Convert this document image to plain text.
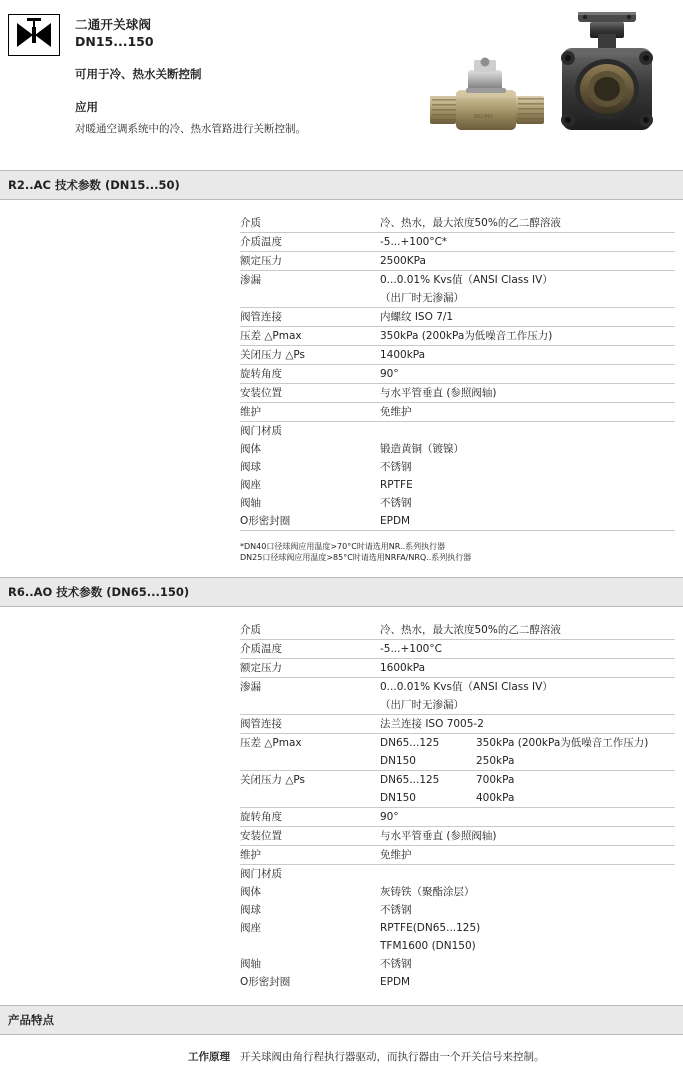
二通开关球阀
DN15...150
可用于冷、热水关断控制
应用
对暖通空调系统中的冷、热水管路进行关断控制。
BELIMO
R2..AC 技术参数 (DN15...50)
介质	冷、热水，最大浓度50%的乙二醇溶液
介质温度	-5...+100°C*
额定压力	2500KPa
渗漏	0...0.01% Kvs值（ANSI Class IV）
	（出厂时无渗漏）
阀管连接	内螺纹 ISO 7/1
压差 △Pmax	350kPa (200kPa为低噪音工作压力)
关闭压力 △Ps	1400kPa
旋转角度	90°
安装位置	与水平管垂直 (参照阀轴)
维护	免维护
阀门材质	
阀体	锻造黄铜（镀镍）
阀球	不锈钢
阀座	RPTFE
阀轴	不锈钢
O形密封圈	EPDM
*DN40口径球阀应用温度>70°C时请选用NR..系列执行器
DN25口径球阀应用温度>85°C时请选用NRFA/NRQ..系列执行器
R6..AO 技术参数 (DN65...150)
介质	冷、热水，最大浓度50%的乙二醇溶液
介质温度	-5...+100°C
额定压力	1600kPa
渗漏	0...0.01% Kvs值（ANSI Class IV）
	（出厂时无渗漏）
阀管连接	法兰连接 ISO 7005-2
压差 △Pmax	DN65...125 350kPa (200kPa为低噪音工作压力)
	DN150 250kPa
关闭压力 △Ps	DN65...125 700kPa
	DN150 400kPa
旋转角度	90°
安装位置	与水平管垂直 (参照阀轴)
维护	免维护
阀门材质	
阀体	灰铸铁（聚酯涂层）
阀球	不锈钢
阀座	RPTFE(DN65...125)
	TFM1600 (DN150)
阀轴	不锈钢
O形密封圈	EPDM
产品特点
工作原理 开关球阀由角行程执行器驱动，而执行器由一个开关信号来控制。
